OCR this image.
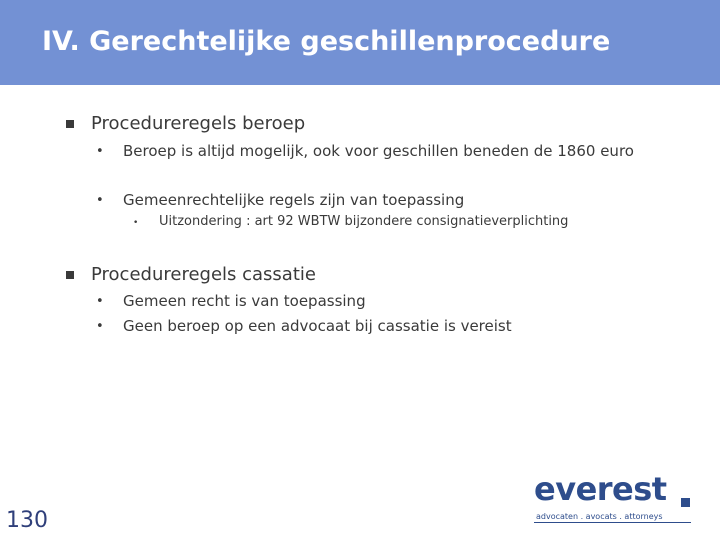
IV. Gerechtelijke geschillenprocedure
Procedureregels beroep
• Beroep is altijd mogelijk, ook voor geschillen beneden de 1860 euro
• Gemeenrechtelijke regels zijn van toepassing
• Uitzondering : art 92 WBTW bijzondere consignatieverplichting
Procedureregels cassatie
• Gemeen recht is van toepassing
• Geen beroep op een advocaat bij cassatie is vereist
130
everest
advocaten . avocats . attorneys
